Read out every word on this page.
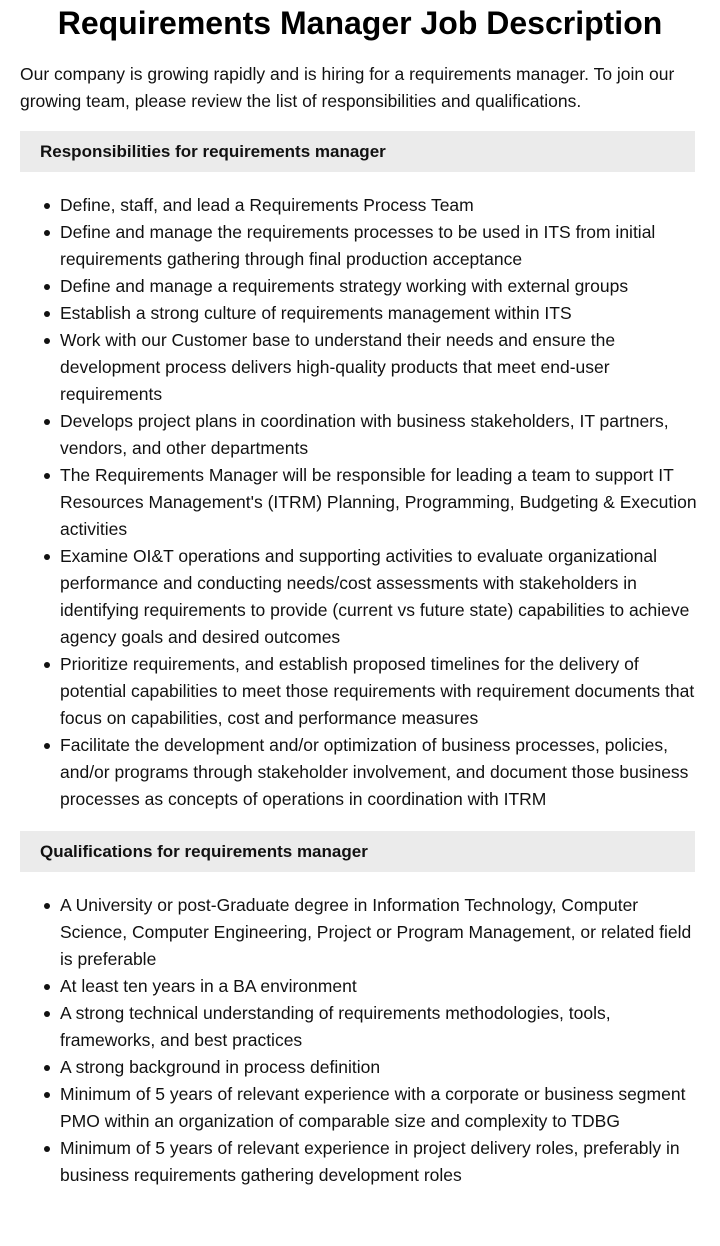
Requirements Manager Job Description

Our company is growing rapidly and is hiring for a requirements manager. To join our growing team, please review the list of responsibilities and qualifications.

Responsibilities for requirements manager
Define, staff, and lead a Requirements Process Team
Define and manage the requirements processes to be used in ITS from initial requirements gathering through final production acceptance
Define and manage a requirements strategy working with external groups
Establish a strong culture of requirements management within ITS
Work with our Customer base to understand their needs and ensure the development process delivers high-quality products that meet end-user requirements
Develops project plans in coordination with business stakeholders, IT partners, vendors, and other departments
The Requirements Manager will be responsible for leading a team to support IT Resources Management's (ITRM) Planning, Programming, Budgeting & Execution activities
Examine OI&T operations and supporting activities to evaluate organizational performance and conducting needs/cost assessments with stakeholders in identifying requirements to provide (current vs future state) capabilities to achieve agency goals and desired outcomes
Prioritize requirements, and establish proposed timelines for the delivery of potential capabilities to meet those requirements with requirement documents that focus on capabilities, cost and performance measures
Facilitate the development and/or optimization of business processes, policies, and/or programs through stakeholder involvement, and document those business processes as concepts of operations in coordination with ITRM
Qualifications for requirements manager
A University or post-Graduate degree in Information Technology, Computer Science, Computer Engineering, Project or Program Management, or related field is preferable
At least ten years in a BA environment
A strong technical understanding of requirements methodologies, tools, frameworks, and best practices
A strong background in process definition
Minimum of 5 years of relevant experience with a corporate or business segment PMO within an organization of comparable size and complexity to TDBG
Minimum of 5 years of relevant experience in project delivery roles, preferably in business requirements gathering development roles
